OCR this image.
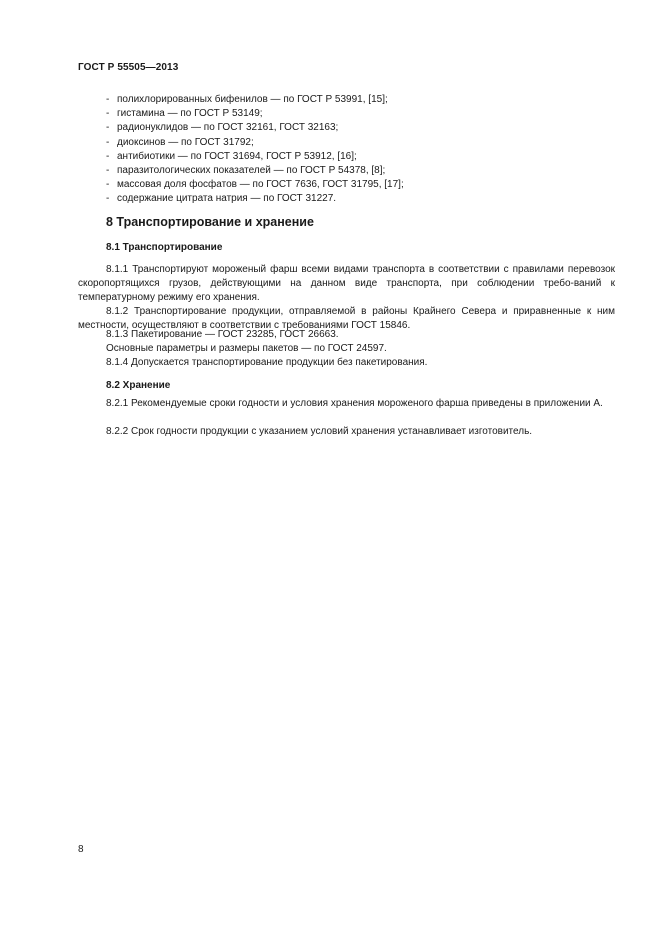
ГОСТ Р 55505—2013
- полихлорированных бифенилов — по ГОСТ Р 53991, [15];
- гистамина — по ГОСТ Р 53149;
- радионуклидов — по ГОСТ 32161, ГОСТ 32163;
- диоксинов — по ГОСТ 31792;
- антибиотики — по ГОСТ 31694, ГОСТ Р 53912, [16];
- паразитологических показателей — по ГОСТ Р 54378, [8];
- массовая доля фосфатов — по ГОСТ 7636, ГОСТ 31795, [17];
- содержание цитрата натрия — по ГОСТ 31227.
8 Транспортирование и хранение
8.1 Транспортирование

8.1.1 Транспортируют мороженый фарш всеми видами транспорта в соответствии с правилами перевозок скоропортящихся грузов, действующими на данном виде транспорта, при соблюдении требо-ваний к температурному режиму его хранения.

8.1.2 Транспортирование продукции, отправляемой в районы Крайнего Севера и приравненные к ним местности, осуществляют в соответствии с требованиями ГОСТ 15846.

8.1.3 Пакетирование — ГОСТ 23285, ГОСТ 26663.

Основные параметры и размеры пакетов — по ГОСТ 24597.

8.1.4 Допускается транспортирование продукции без пакетирования.

8.2 Хранение

8.2.1 Рекомендуемые сроки годности и условия хранения мороженого фарша приведены в приложении А.

8.2.2 Срок годности продукции с указанием условий хранения устанавливает изготовитель.

8
